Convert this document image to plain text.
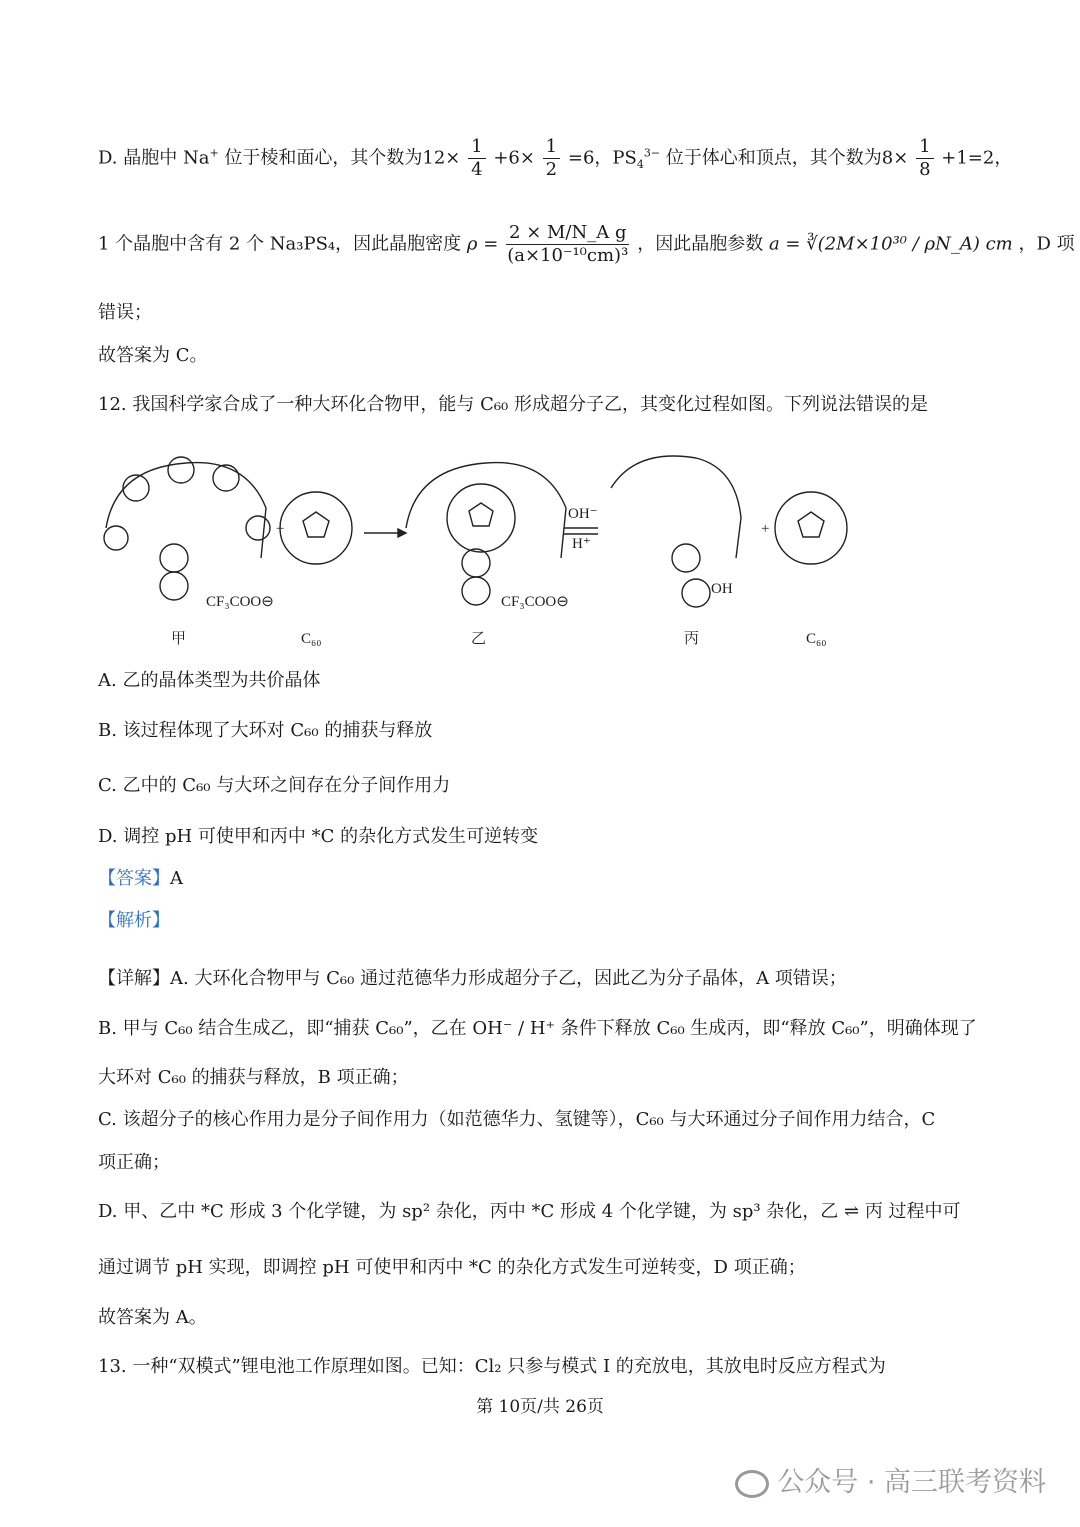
D. 晶胞中 Na+ 位于棱和面心，其个数为$12\times \frac{1}{4} +6\times \frac{1}{2} =6$，$PS_4^{3-}$ 位于体心和顶点，其个数为$8\times \frac{1}{8} +1=2$，
1 个晶胞中含有 2 个 Na₃PS₄，因此晶胞密度 $\rho = \frac{\text{2 × M/N\_A g}}{\text{(a×10⁻¹⁰cm)³}}$ ，因此晶胞参数 a = ∛(2M×10³⁰ / ρN_A) cm ，D 项
错误；
故答案为 C。
12. 我国科学家合成了一种大环化合物甲，能与 C₆₀ 形成超分子乙，其变化过程如图。下列说法错误的是
+
OH⁻
H⁺
+
CF₃COO⊖	CF₃COO⊖
OH
甲	C₆₀	乙	丙	C₆₀
A. 乙的晶体类型为共价晶体
B. 该过程体现了大环对 C₆₀ 的捕获与释放
C. 乙中的 C₆₀ 与大环之间存在分子间作用力
D. 调控 pH 可使甲和丙中 *C 的杂化方式发生可逆转变
【答案】A
【解析】
【详解】A. 大环化合物甲与 C₆₀ 通过范德华力形成超分子乙，因此乙为分子晶体，A 项错误；
B. 甲与 C₆₀ 结合生成乙，即“捕获 C₆₀”，乙在 OH⁻ / H⁺ 条件下释放 C₆₀ 生成丙，即“释放 C₆₀”，明确体现了
大环对 C₆₀ 的捕获与释放，B 项正确；
C. 该超分子的核心作用力是分子间作用力（如范德华力、氢键等），C₆₀ 与大环通过分子间作用力结合，C
项正确；
D. 甲、乙中 *C 形成 3 个化学键，为 sp² 杂化，丙中 *C 形成 4 个化学键，为 sp³ 杂化，乙 ⇌ 丙 过程中可
通过调节 pH 实现，即调控 pH 可使甲和丙中 *C 的杂化方式发生可逆转变，D 项正确；
故答案为 A。
13. 一种“双模式”锂电池工作原理如图。已知：Cl₂ 只参与模式 I 的充放电，其放电时反应方程式为
第 10页/共 26页
公众号 · 高三联考资料
